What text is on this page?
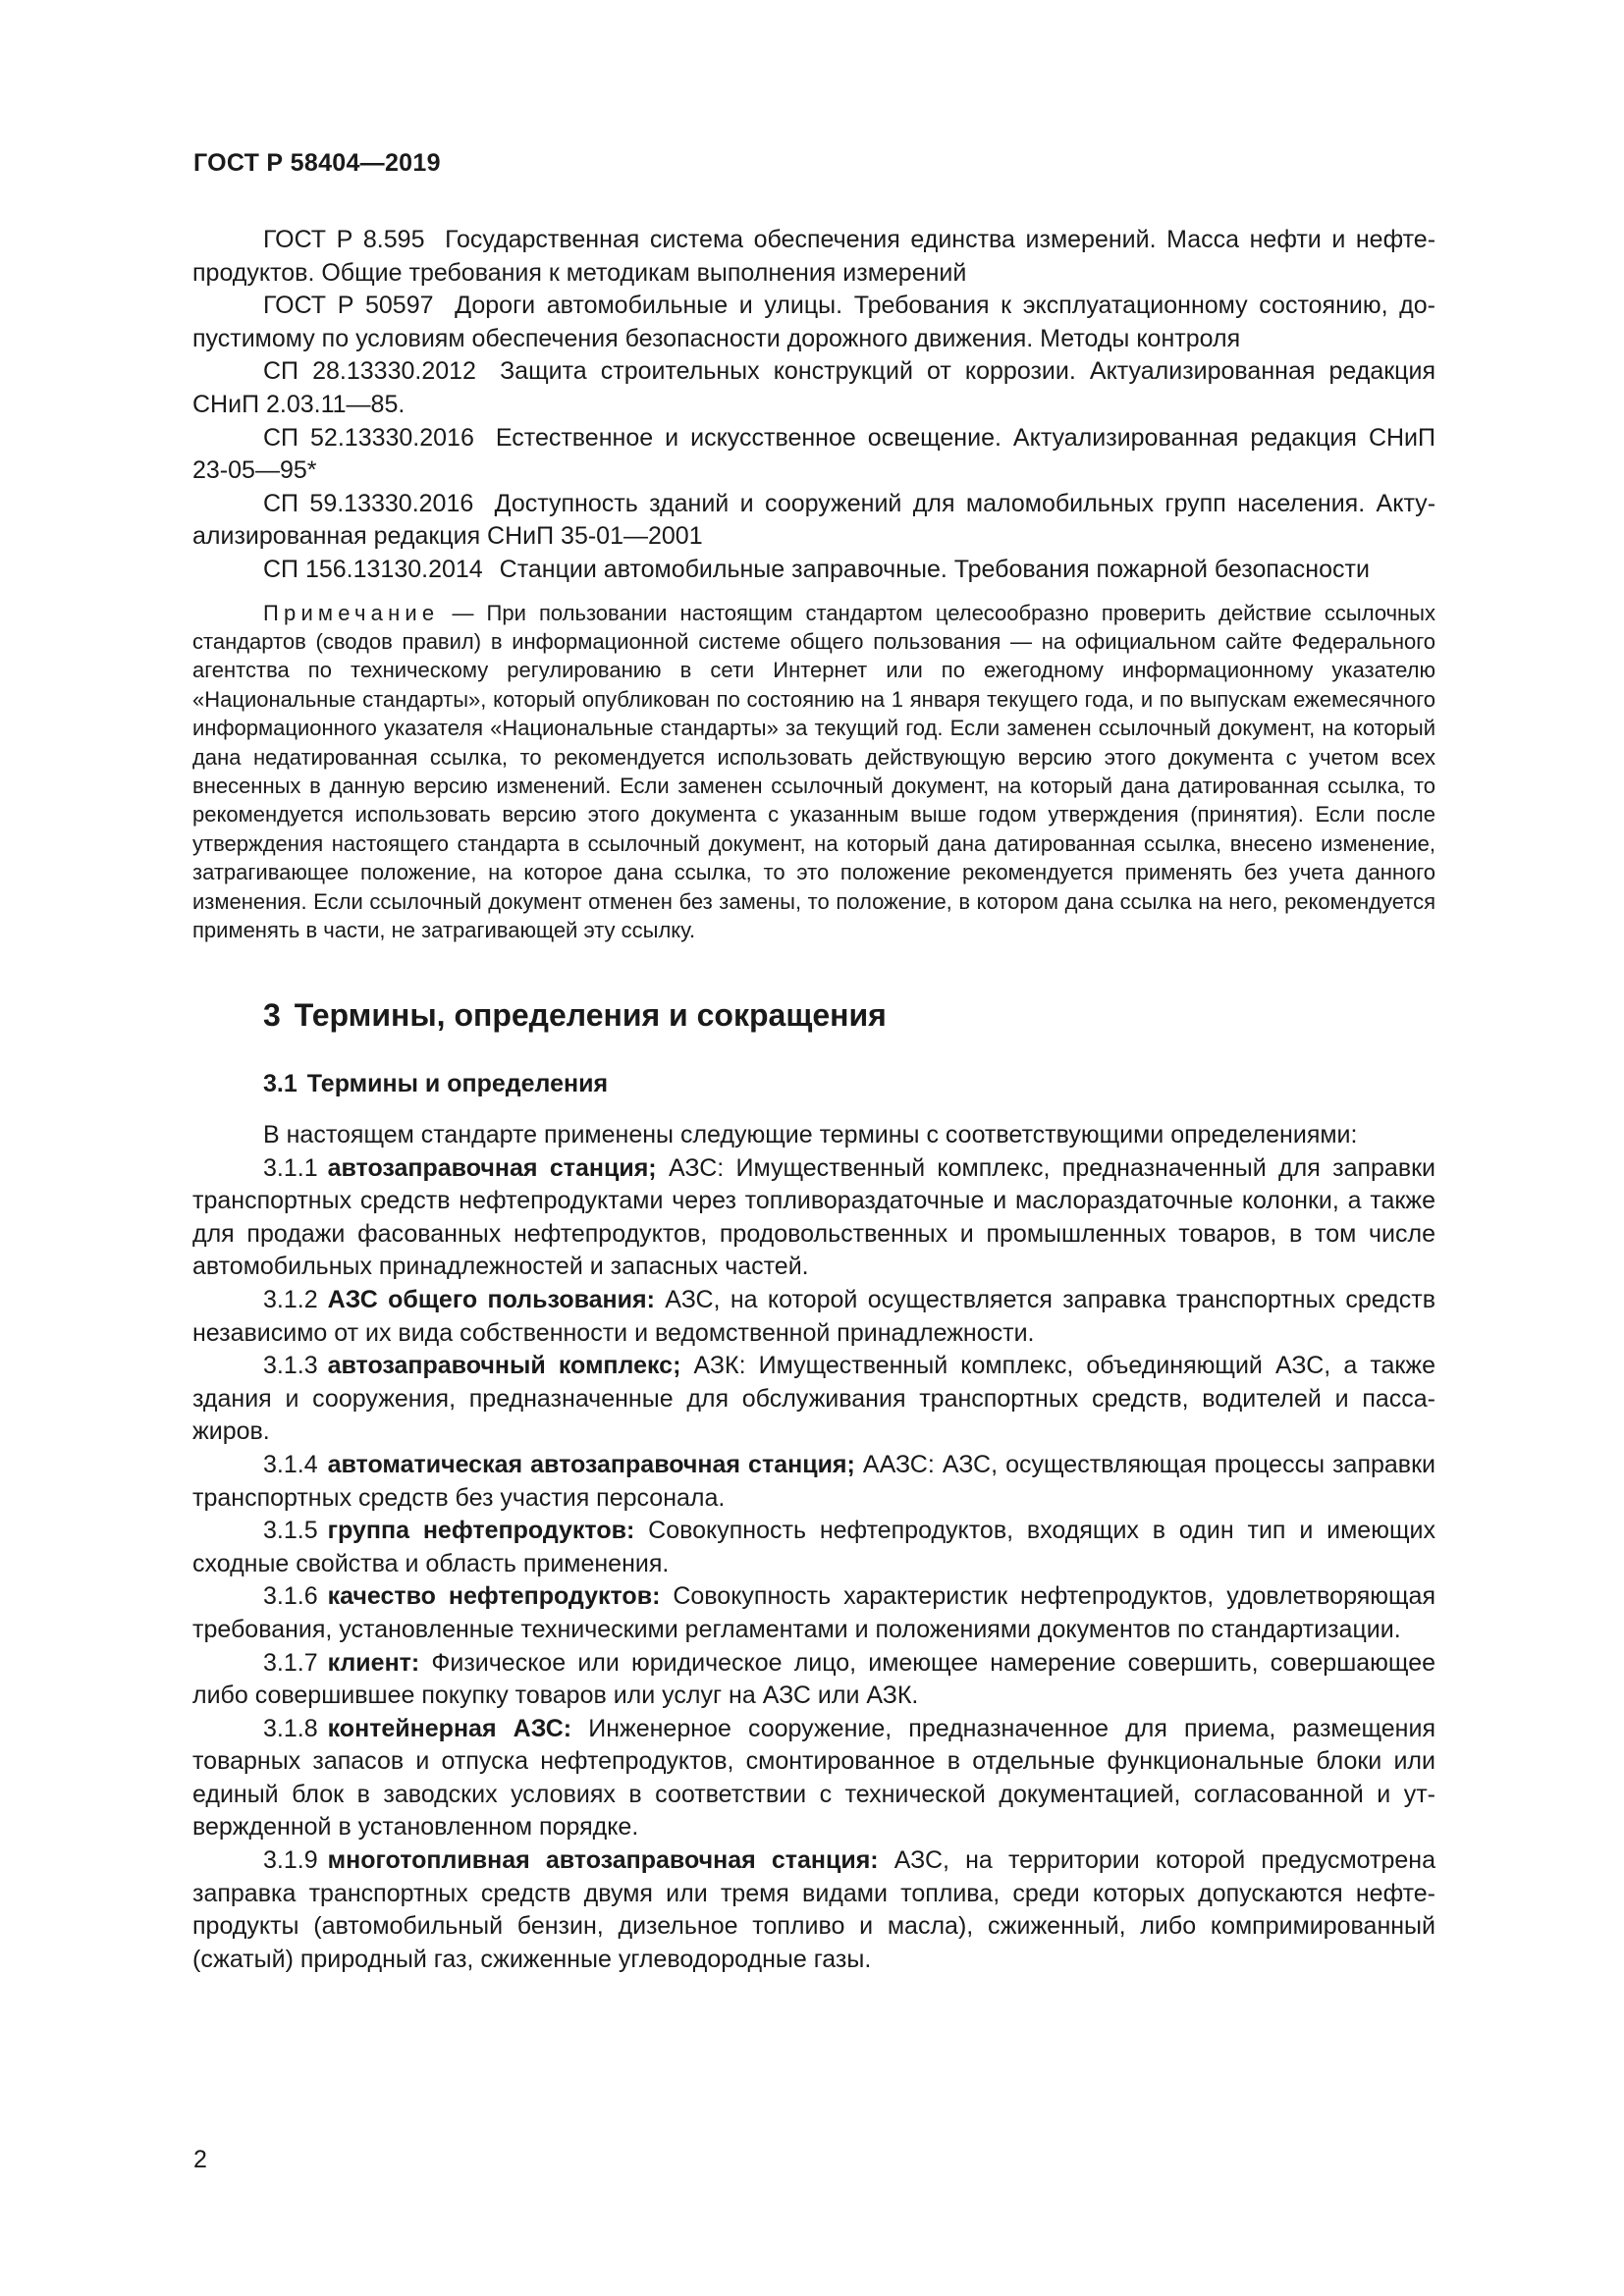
ГОСТ Р 58404—2019

ГОСТ Р 8.595 Государственная система обеспечения единства измерений. Масса нефти и нефтепродуктов. Общие требования к методикам выполнения измерений

ГОСТ Р 50597 Дороги автомобильные и улицы. Требования к эксплуатационному состоянию, допустимому по условиям обеспечения безопасности дорожного движения. Методы контроля

СП 28.13330.2012 Защита строительных конструкций от коррозии. Актуализированная редакция СНиП 2.03.11—85.

СП 52.13330.2016 Естественное и искусственное освещение. Актуализированная редакция СНиП 23-05—95*

СП 59.13330.2016 Доступность зданий и сооружений для маломобильных групп населения. Актуализированная редакция СНиП 35-01—2001

СП 156.13130.2014 Станции автомобильные заправочные. Требования пожарной безопасности

Примечание — При пользовании настоящим стандартом целесообразно проверить действие ссылочных стандартов (сводов правил) в информационной системе общего пользования — на официальном сайте Федерального агентства по техническому регулированию в сети Интернет или по ежегодному информационному указателю «Национальные стандарты», который опубликован по состоянию на 1 января текущего года, и по выпускам ежемесячного информационного указателя «Национальные стандарты» за текущий год. Если заменен ссылочный документ, на который дана недатированная ссылка, то рекомендуется использовать действующую версию этого документа с учетом всех внесенных в данную версию изменений. Если заменен ссылочный документ, на который дана датированная ссылка, то рекомендуется использовать версию этого документа с указанным выше годом утверждения (принятия). Если после утверждения настоящего стандарта в ссылочный документ, на который дана датированная ссылка, внесено изменение, затрагивающее положение, на которое дана ссылка, то это положение рекомендуется применять без учета данного изменения. Если ссылочный документ отменен без замены, то положение, в котором дана ссылка на него, рекомендуется применять в части, не затрагивающей эту ссылку.

3 Термины, определения и сокращения

3.1 Термины и определения

В настоящем стандарте применены следующие термины с соответствующими определениями:

3.1.1 автозаправочная станция; АЗС: Имущественный комплекс, предназначенный для заправки транспортных средств нефтепродуктами через топливораздаточные и маслораздаточные колонки, а также для продажи фасованных нефтепродуктов, продовольственных и промышленных товаров, в том числе автомобильных принадлежностей и запасных частей.

3.1.2 АЗС общего пользования: АЗС, на которой осуществляется заправка транспортных средств независимо от их вида собственности и ведомственной принадлежности.

3.1.3 автозаправочный комплекс; АЗК: Имущественный комплекс, объединяющий АЗС, а также здания и сооружения, предназначенные для обслуживания транспортных средств, водителей и пассажиров.

3.1.4 автоматическая автозаправочная станция; ААЗС: АЗС, осуществляющая процессы заправки транспортных средств без участия персонала.

3.1.5 группа нефтепродуктов: Совокупность нефтепродуктов, входящих в один тип и имеющих сходные свойства и область применения.

3.1.6 качество нефтепродуктов: Совокупность характеристик нефтепродуктов, удовлетворяющая требования, установленные техническими регламентами и положениями документов по стандартизации.

3.1.7 клиент: Физическое или юридическое лицо, имеющее намерение совершить, совершающее либо совершившее покупку товаров или услуг на АЗС или АЗК.

3.1.8 контейнерная АЗС: Инженерное сооружение, предназначенное для приема, размещения товарных запасов и отпуска нефтепродуктов, смонтированное в отдельные функциональные блоки или единый блок в заводских условиях в соответствии с технической документацией, согласованной и утвержденной в установленном порядке.

3.1.9 многотопливная автозаправочная станция: АЗС, на территории которой предусмотрена заправка транспортных средств двумя или тремя видами топлива, среди которых допускаются нефтепродукты (автомобильный бензин, дизельное топливо и масла), сжиженный, либо компримированный (сжатый) природный газ, сжиженные углеводородные газы.

2
